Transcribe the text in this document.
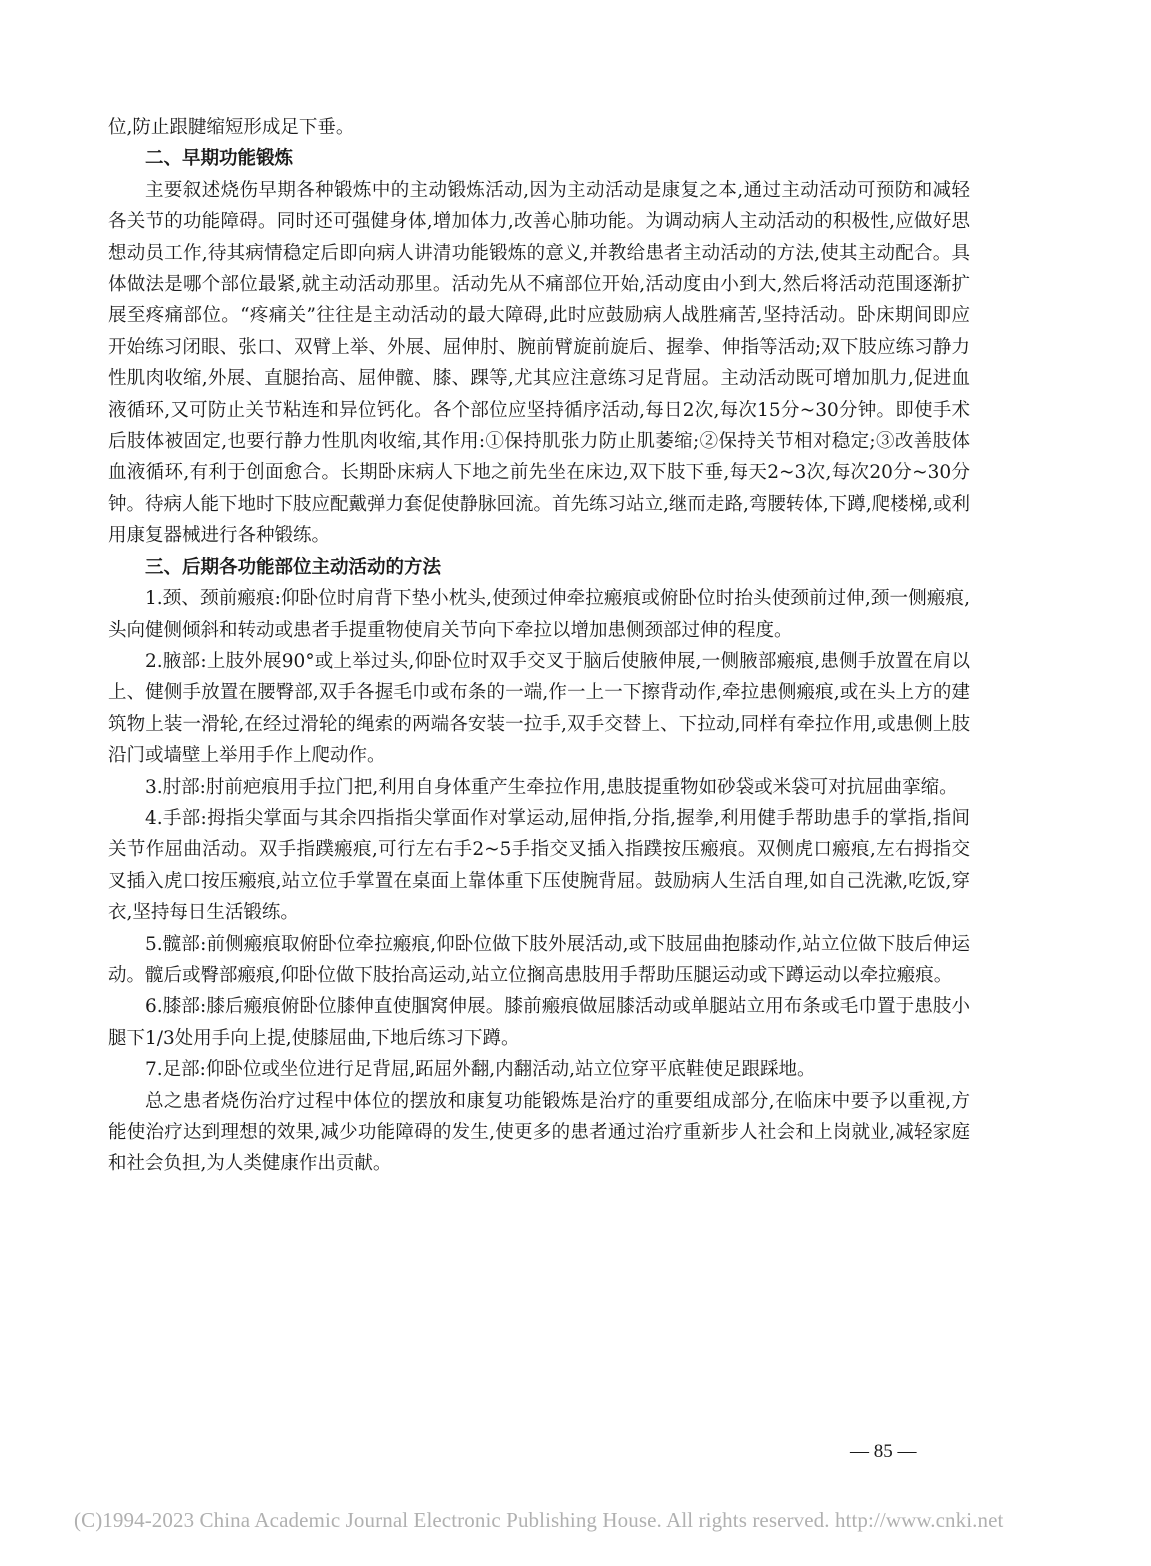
位,防止跟腱缩短形成足下垂。

二、早期功能锻炼

主要叙述烧伤早期各种锻炼中的主动锻炼活动,因为主动活动是康复之本,通过主动活动可预防和减轻各关节的功能障碍。同时还可强健身体,增加体力,改善心肺功能。为调动病人主动活动的积极性,应做好思想动员工作,待其病情稳定后即向病人讲清功能锻炼的意义,并教给患者主动活动的方法,使其主动配合。具体做法是哪个部位最紧,就主动活动那里。活动先从不痛部位开始,活动度由小到大,然后将活动范围逐渐扩展至疼痛部位。“疼痛关”往往是主动活动的最大障碍,此时应鼓励病人战胜痛苦,坚持活动。卧床期间即应开始练习闭眼、张口、双臂上举、外展、屈伸肘、腕前臂旋前旋后、握拳、伸指等活动;双下肢应练习静力性肌肉收缩,外展、直腿抬高、屈伸髋、膝、踝等,尤其应注意练习足背屈。主动活动既可增加肌力,促进血液循环,又可防止关节粘连和异位钙化。各个部位应坚持循序活动,每日2次,每次15分~30分钟。即使手术后肢体被固定,也要行静力性肌肉收缩,其作用:①保持肌张力防止肌萎缩;②保持关节相对稳定;③改善肢体血液循环,有利于创面愈合。长期卧床病人下地之前先坐在床边,双下肢下垂,每天2~3次,每次20分~30分钟。待病人能下地时下肢应配戴弹力套促使静脉回流。首先练习站立,继而走路,弯腰转体,下蹲,爬楼梯,或利用康复器械进行各种锻练。

三、后期各功能部位主动活动的方法

1.颈、颈前瘢痕:仰卧位时肩背下垫小枕头,使颈过伸牵拉瘢痕或俯卧位时抬头使颈前过伸,颈一侧瘢痕,头向健侧倾斜和转动或患者手提重物使肩关节向下牵拉以增加患侧颈部过伸的程度。

2.腋部:上肢外展90°或上举过头,仰卧位时双手交叉于脑后使腋伸展,一侧腋部瘢痕,患侧手放置在肩以上、健侧手放置在腰臀部,双手各握毛巾或布条的一端,作一上一下擦背动作,牵拉患侧瘢痕,或在头上方的建筑物上装一滑轮,在经过滑轮的绳索的两端各安装一拉手,双手交替上、下拉动,同样有牵拉作用,或患侧上肢沿门或墙壁上举用手作上爬动作。

3.肘部:肘前疤痕用手拉门把,利用自身体重产生牵拉作用,患肢提重物如砂袋或米袋可对抗屈曲挛缩。

4.手部:拇指尖掌面与其余四指指尖掌面作对掌运动,屈伸指,分指,握拳,利用健手帮助患手的掌指,指间关节作屈曲活动。双手指蹼瘢痕,可行左右手2~5手指交叉插入指蹼按压瘢痕。双侧虎口瘢痕,左右拇指交叉插入虎口按压瘢痕,站立位手掌置在桌面上靠体重下压使腕背屈。鼓励病人生活自理,如自己洗漱,吃饭,穿衣,坚持每日生活锻练。

5.髋部:前侧瘢痕取俯卧位牵拉瘢痕,仰卧位做下肢外展活动,或下肢屈曲抱膝动作,站立位做下肢后伸运动。髋后或臀部瘢痕,仰卧位做下肢抬高运动,站立位搁高患肢用手帮助压腿运动或下蹲运动以牵拉瘢痕。

6.膝部:膝后瘢痕俯卧位膝伸直使腘窝伸展。膝前瘢痕做屈膝活动或单腿站立用布条或毛巾置于患肢小腿下1/3处用手向上提,使膝屈曲,下地后练习下蹲。

7.足部:仰卧位或坐位进行足背屈,跖屈外翻,内翻活动,站立位穿平底鞋使足跟踩地。

总之患者烧伤治疗过程中体位的摆放和康复功能锻炼是治疗的重要组成部分,在临床中要予以重视,方能使治疗达到理想的效果,减少功能障碍的发生,使更多的患者通过治疗重新步人社会和上岗就业,减轻家庭和社会负担,为人类健康作出贡献。

— 85 —
(C)1994-2023 China Academic Journal Electronic Publishing House. All rights reserved. http://www.cnki.net
